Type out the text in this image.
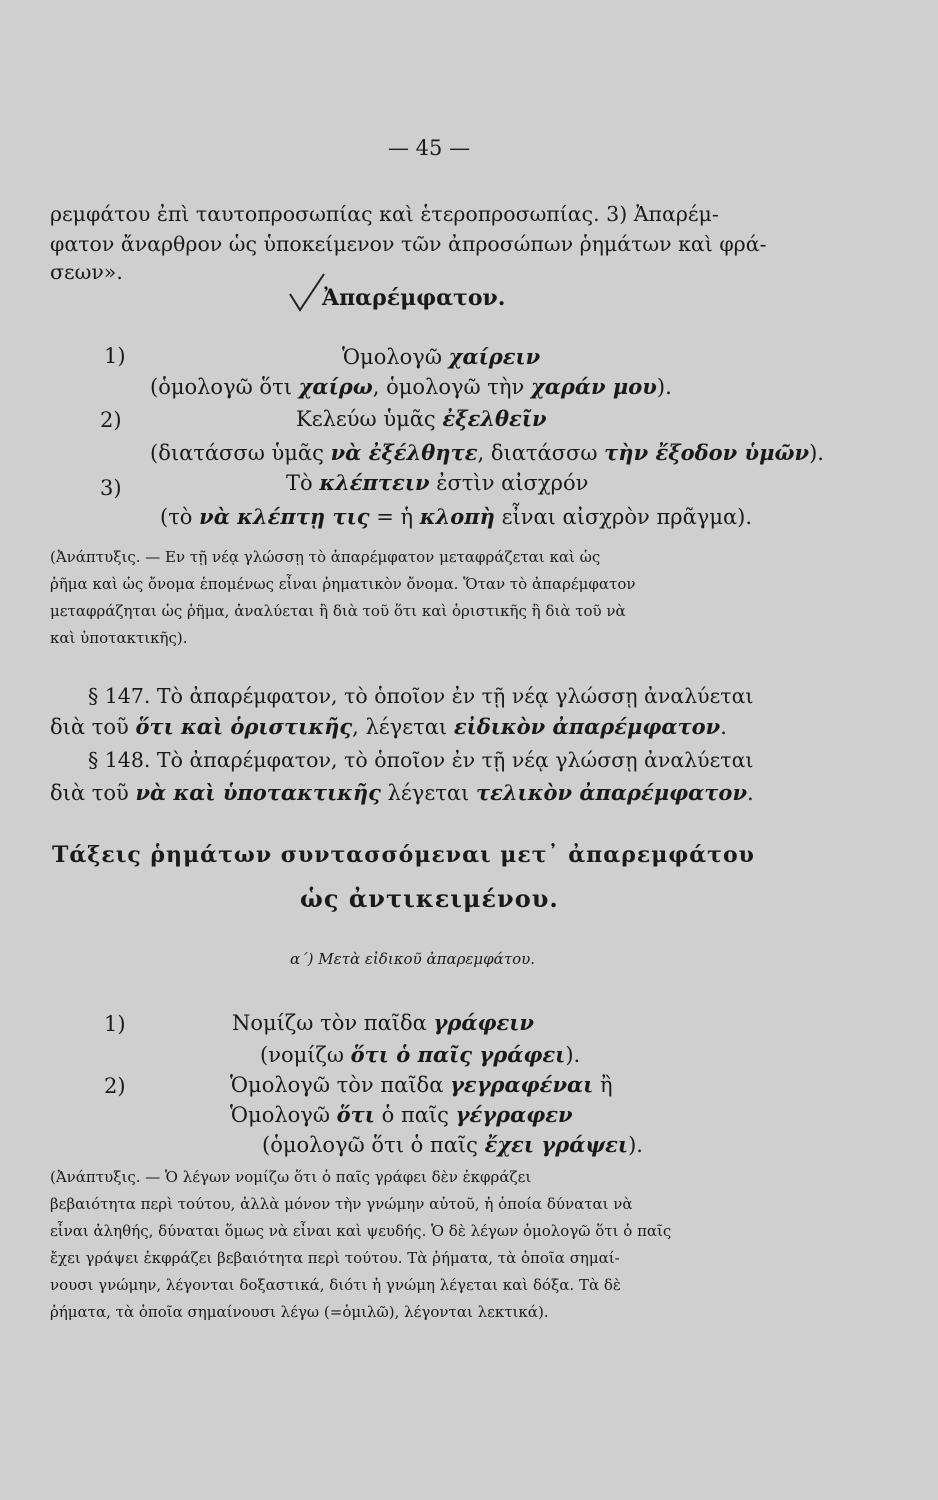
— 45 —
ρεμφάτου ἐπὶ ταυτοπροσωπίας καὶ ἑτεροπροσωπίας. 3) Ἀπαρέμ-
φατον ἄναρθρον ὡς ὑποκείμενον τῶν ἀπροσώπων ῥημάτων καὶ φρά-
σεων».
Ἀπαρέμφατον.
1)	Ὁμολογῶ χαίρειν
(ὁμολογῶ ὅτι χαίρω, ὁμολογῶ τὴν χαράν μου).
2)	Κελεύω ὑμᾶς ἐξελθεῖν
(διατάσσω ὑμᾶς νὰ ἐξέλθητε, διατάσσω τὴν ἔξοδον ὑμῶν).
3)	Τὸ κλέπτειν ἐστὶν αἰσχρόν
(τὸ νὰ κλέπτῃ τις = ἡ κλοπὴ εἶναι αἰσχρὸν πρᾶγμα).
(Ἀνάπτυξις. — Εν τῇ νέᾳ γλώσσῃ τὸ ἀπαρέμφατον μεταφράζεται καὶ ὡς
ῥῆμα καὶ ὡς ὄνομα ἑπομένως εἶναι ῥηματικὸν ὄνομα. Ὅταν τὸ ἀπαρέμφατον
μεταφράζηται ὡς ῥῆμα, ἀναλύεται ἢ διὰ τοῦ ὅτι καὶ ὁριστικῆς ἢ διὰ τοῦ νὰ
καὶ ὑποτακτικῆς).
§ 147. Τὸ ἀπαρέμφατον, τὸ ὁποῖον ἐν τῇ νέᾳ γλώσσῃ ἀναλύεται
διὰ τοῦ ὅτι καὶ ὁριστικῆς, λέγεται εἰδικὸν ἀπαρέμφατον.
§ 148. Τὸ ἀπαρέμφατον, τὸ ὁποῖον ἐν τῇ νέᾳ γλώσσῃ ἀναλύεται
διὰ τοῦ νὰ καὶ ὑποτακτικῆς λέγεται τελικὸν ἀπαρέμφατον.
Τάξεις ῥημάτων συντασσόμεναι μετ᾽ ἀπαρεμφάτου
ὡς ἀντικειμένου.
α´) Μετὰ εἰδικοῦ ἀπαρεμφάτου.
1)	Νομίζω τὸν παῖδα γράφειν
(νομίζω ὅτι ὁ παῖς γράφει).
2)	Ὁμολογῶ τὸν παῖδα γεγραφέναι ἢ
Ὁμολογῶ ὅτι ὁ παῖς γέγραφεν
(ὁμολογῶ ὅτι ὁ παῖς ἔχει γράψει).
(Ἀνάπτυξις. — Ὁ λέγων νομίζω ὅτι ὁ παῖς γράφει δὲν ἐκφράζει
βεβαιότητα περὶ τούτου, ἀλλὰ μόνον τὴν γνώμην αὐτοῦ, ἡ ὁποία δύναται νὰ
εἶναι ἀληθής, δύναται ὅμως νὰ εἶναι καὶ ψευδής. Ὁ δὲ λέγων ὁμολογῶ ὅτι ὁ παῖς
ἔχει γράψει ἐκφράζει βεβαιότητα περὶ τούτου. Τὰ ῥήματα, τὰ ὁποῖα σημαί-
νουσι γνώμην, λέγονται δοξαστικά, διότι ἡ γνώμη λέγεται καὶ δόξα. Τὰ δὲ
ῥήματα, τὰ ὁποῖα σημαίνουσι λέγω (=ὁμιλῶ), λέγονται λεκτικά).
